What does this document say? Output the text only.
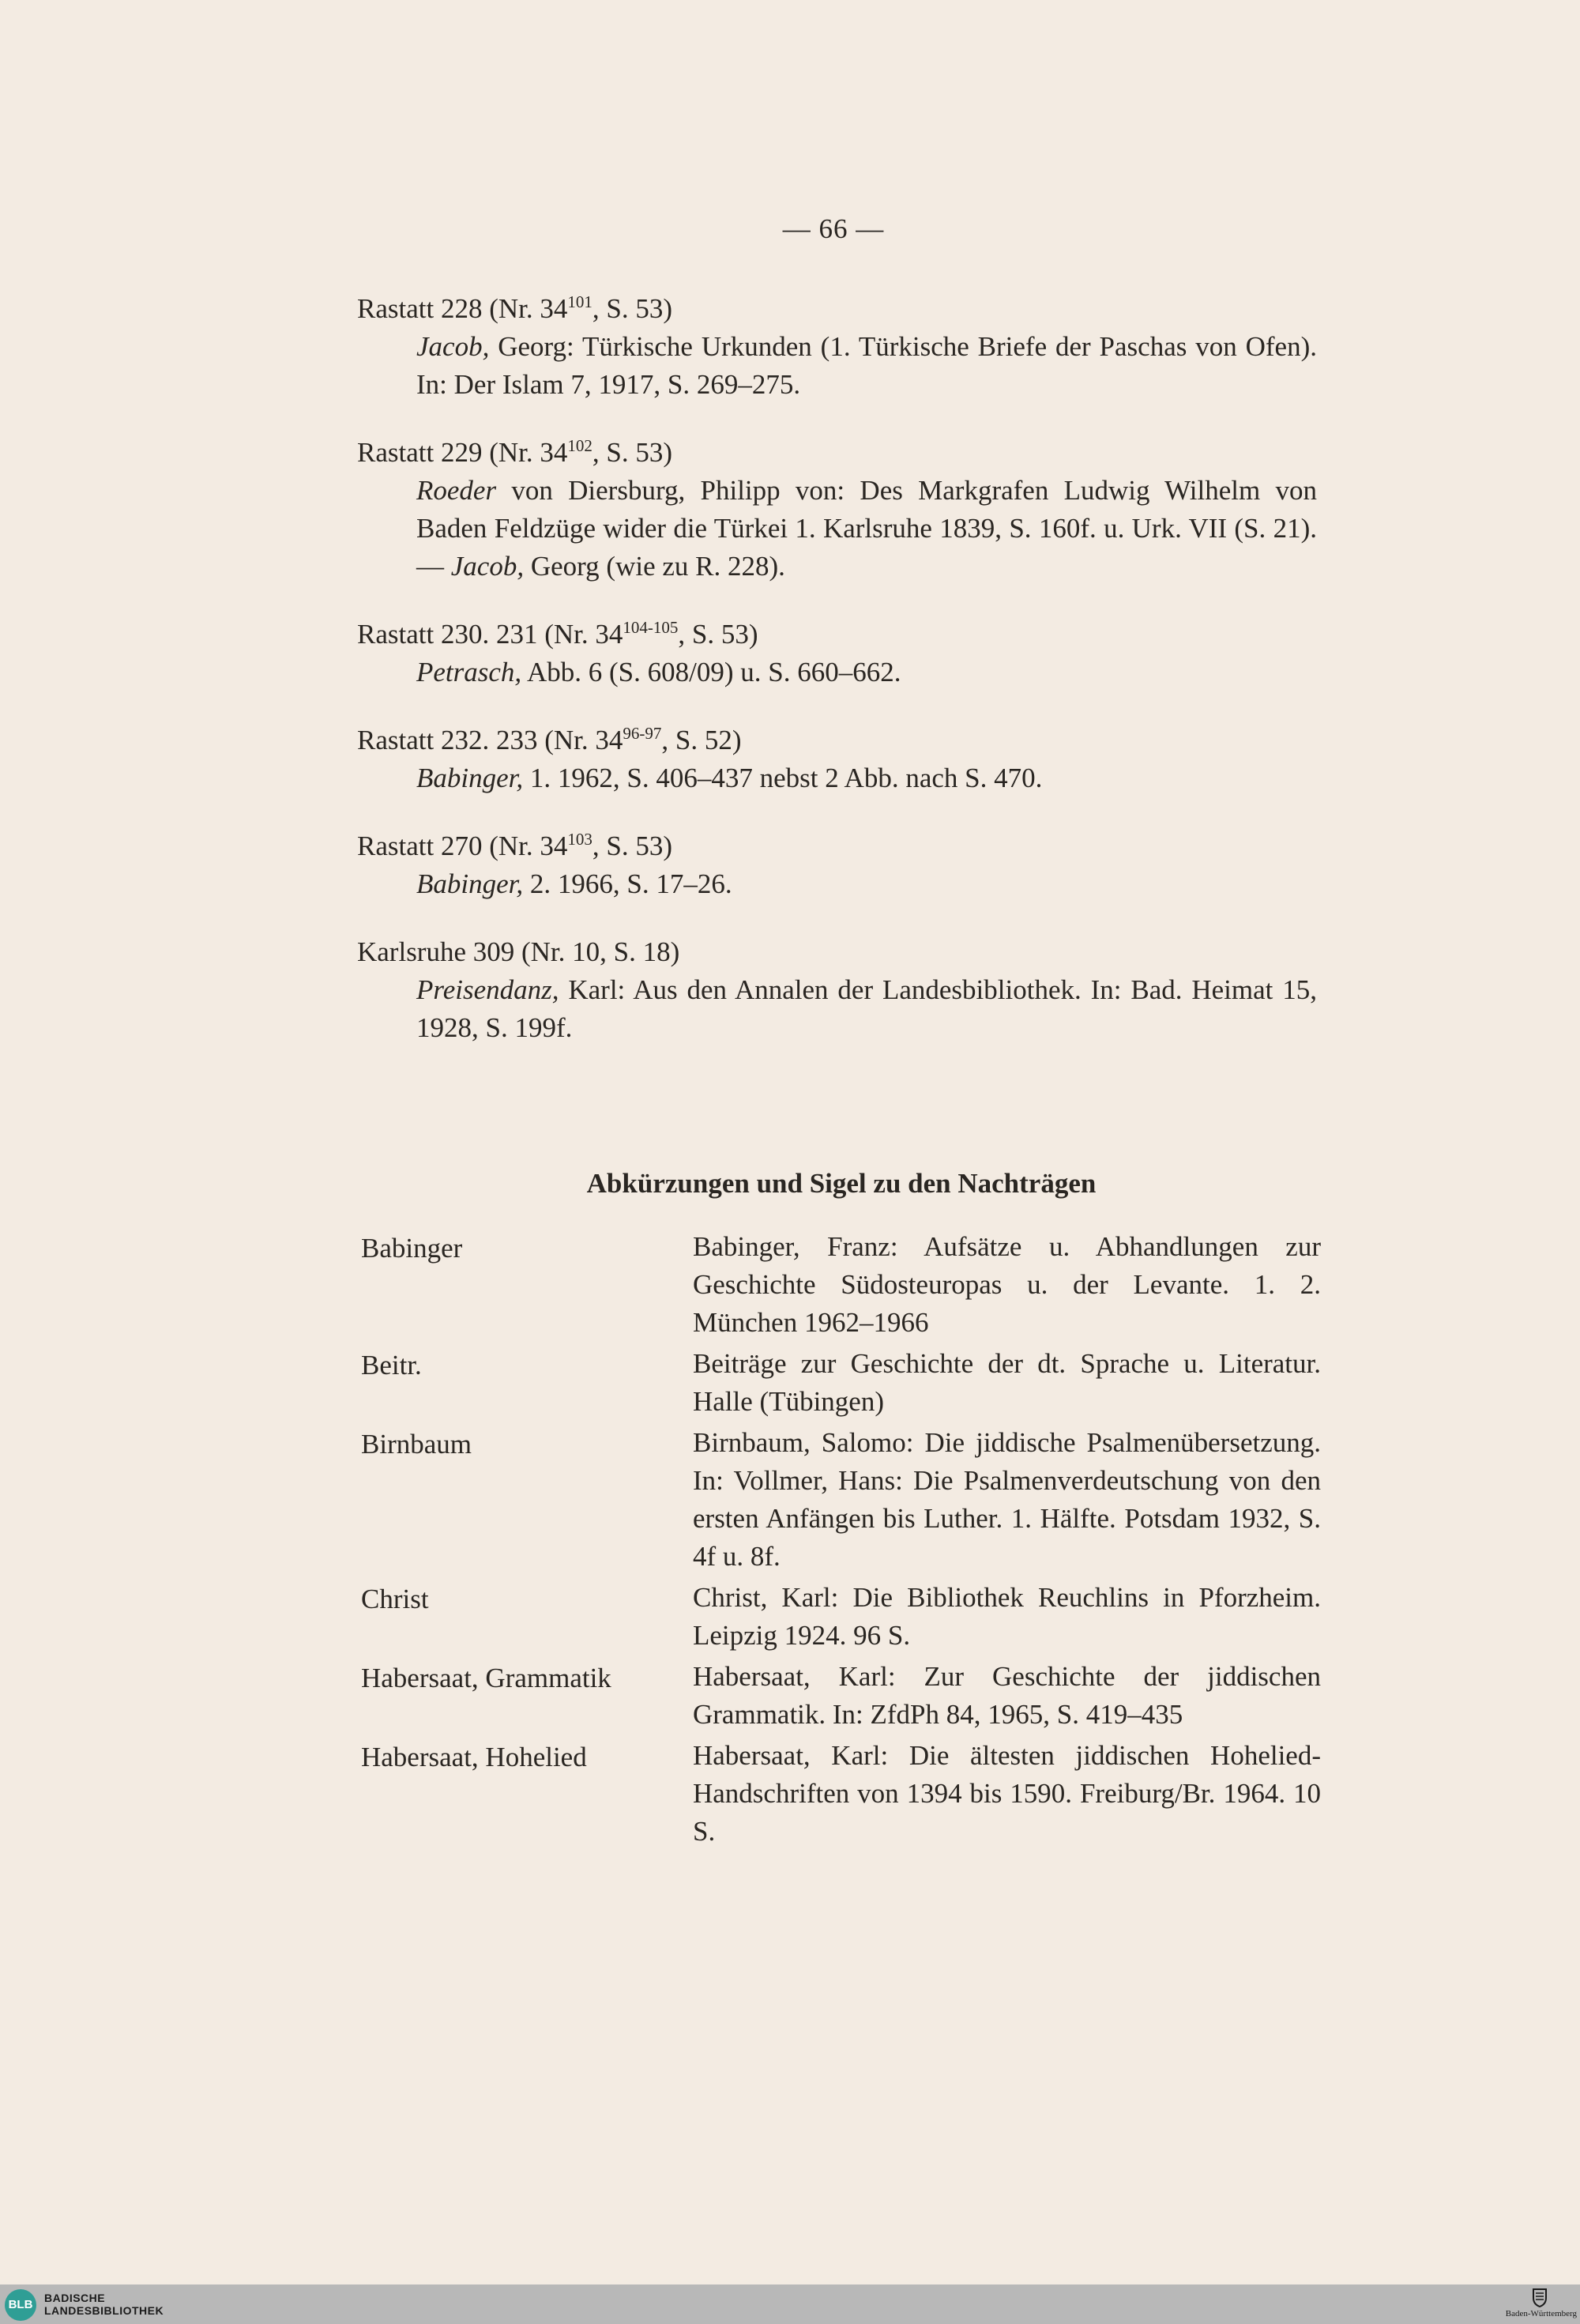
— 66 —
Rastatt 228 (Nr. $34^{101}$, S. 53)
Jacob, Georg: Türkische Urkunden (1. Türkische Briefe der Paschas von Ofen). In: Der Islam 7, 1917, S. 269–275.
Rastatt 229 (Nr. $34^{102}$, S. 53)
Roeder von Diersburg, Philipp von: Des Markgrafen Ludwig Wilhelm von Baden Feldzüge wider die Türkei 1. Karlsruhe 1839, S. 160f. u. Urk. VII (S. 21). — Jacob, Georg (wie zu R. 228).
Rastatt 230. 231 (Nr. 34$^{104-105}$, S. 53)
Petrasch, Abb. 6 (S. 608/09) u. S. 660–662.
Rastatt 232. 233 (Nr. 34$^{96-97}$, S. 52)
Babinger, 1. 1962, S. 406–437 nebst 2 Abb. nach S. 470.
Rastatt 270 (Nr. $34^{103}$, S. 53)
Babinger, 2. 1966, S. 17–26.
Karlsruhe 309 (Nr. 10, S. 18)
Preisendanz, Karl: Aus den Annalen der Landesbibliothek. In: Bad. Heimat 15, 1928, S. 199f.
Abkürzungen und Sigel zu den Nachträgen
Babinger	Babinger, Franz: Aufsätze u. Abhandlungen zur Geschichte Südosteuropas u. der Levante. 1. 2. München 1962–1966
Beitr.	Beiträge zur Geschichte der dt. Sprache u. Literatur. Halle (Tübingen)
Birnbaum	Birnbaum, Salomo: Die jiddische Psalmenübersetzung. In: Vollmer, Hans: Die Psalmenverdeutschung von den ersten Anfängen bis Luther. 1. Hälfte. Potsdam 1932, S. 4f u. 8f.
Christ	Christ, Karl: Die Bibliothek Reuchlins in Pforzheim. Leipzig 1924. 96 S.
Habersaat, Grammatik	Habersaat, Karl: Zur Geschichte der jiddischen Grammatik. In: ZfdPh 84, 1965, S. 419–435
Habersaat, Hohelied	Habersaat, Karl: Die ältesten jiddischen Hohelied-Handschriften von 1394 bis 1590. Freiburg/Br. 1964. 10 S.
BLB	BADISCHE
LANDESBIBLIOTHEK	Baden-Württemberg
